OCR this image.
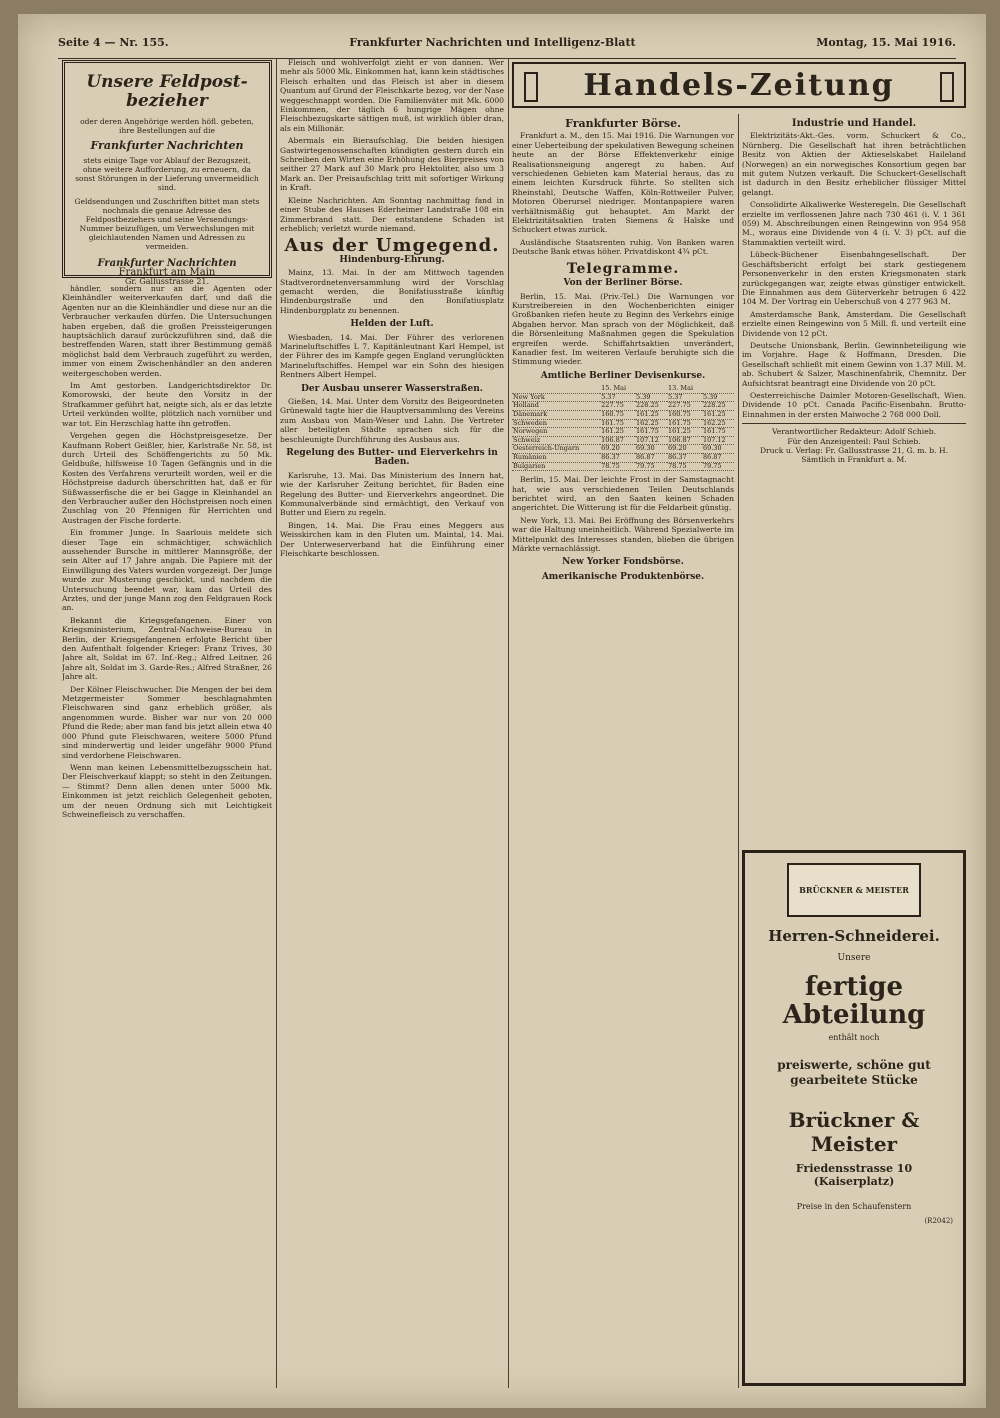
Seite 4 — Nr. 155.	Frankfurter Nachrichten und Intelligenz-Blatt	Montag, 15. Mai 1916.
Unsere Feldpost-bezieher
oder deren Angehörige werden höfl. gebeten, ihre Bestellungen auf die
Frankfurter Nachrichten
stets einige Tage vor Ablauf der Bezugszeit, ohne weitere Aufforderung, zu erneuern, da sonst Störungen in der Lieferung unvermeidlich sind.
Geldsendungen und Zuschriften bittet man stets nochmals die genaue Adresse des Feldpostbeziehers und seine Versendungs-Nummer beizufügen, um Verwechslungen mit gleichlautenden Namen und Adressen zu vermeiden.
Frankfurter Nachrichten
Frankfurt am Main
Gr. Gallusstrasse 21.

händler, sondern nur an die Agenten oder Kleinhändler weiterverkaufen darf, und daß die Agenten nur an die Kleinhändler und diese nur an die Verbraucher verkaufen dürfen. Die Untersuchungen haben ergeben, daß die großen Preissteigerungen hauptsächlich darauf zurückzuführen sind, daß die bestreffenden Waren, statt ihrer Bestimmung gemäß möglichst bald dem Verbrauch zugeführt zu werden, immer von einem Zwischenhändler an den anderen weitergeschoben werden.

Im Amt gestorben. Landgerichtsdirektor Dr. Komorowski, der heute den Vorsitz in der Strafkammer geführt hat, neigte sich, als er das letzte Urteil verkünden wollte, plötzlich nach vornüber und war tot. Ein Herzschlag hatte ihn getroffen.

Vergehen gegen die Höchstpreisgesetze. Der Kaufmann Robert Geißler, hier, Karlstraße Nr. 58, ist durch Urteil des Schöffengerichts zu 50 Mk. Geldbuße, hilfsweise 10 Tagen Gefängnis und in die Kosten des Verfahrens verurteilt worden, weil er die Höchstpreise dadurch überschritten hat, daß er für Süßwasserfische die er bei Gagge in Kleinhandel an den Verbraucher außer den Höchstpreisen noch einen Zuschlag von 20 Pfennigen für Herrichten und Austragen der Fische forderte.

Ein frommer Junge. In Saarlouis meldete sich dieser Tage ein schmächtiger, schwächlich aussehender Bursche in mittlerer Mannsgröße, der sein Alter auf 17 Jahre angab. Die Papiere mit der Einwilligung des Vaters wurden vorgezeigt. Der Junge wurde zur Musterung geschickt, und nachdem die Untersuchung beendet war, kam das Urteil des Arztes, und der junge Mann zog den Feldgrauen Rock an.

Bekannt die Kriegsgefangenen. Einer von Kriegsministerium, Zentral-Nachweise-Bureau in Berlin, der Kriegsgefangenen erfolgte Bericht über den Aufenthalt folgender Krieger: Franz Trives, 30 Jahre alt, Soldat im 67. Inf.-Reg.; Alfred Leitner, 26 Jahre alt, Soldat im 3. Garde-Res.; Alfred Straßner, 26 Jahre alt.

Der Kölner Fleischwucher. Die Mengen der bei dem Metzgermeister Sommer beschlagnahmten Fleischwaren sind ganz erheblich größer, als angenommen wurde. Bisher war nur von 20 000 Pfund die Rede; aber man fand bis jetzt allein etwa 40 000 Pfund gute Fleischwaren, weitere 5000 Pfund sind minderwertig und leider ungefähr 9000 Pfund sind verdorbene Fleischwaren.

Wenn man keinen Lebensmittelbezugsschein hat. Der Fleischverkauf klappt; so steht in den Zeitungen. — Stimmt? Denn allen denen unter 5000 Mk. Einkommen ist jetzt reichlich Gelegenheit geboten, um der neuen Ordnung sich mit Leichtigkeit Schweinefleisch zu verschaffen.

Fleisch und wohlverfolgt zieht er von dannen. Wer mehr als 5000 Mk. Einkommen hat, kann kein städtisches Fleisch erhalten und das Fleisch ist aber in diesem Quantum auf Grund der Fleischkarte bezog, vor der Nase weggeschnappt worden. Die Familienväter mit Mk. 6000 Einkommen, der täglich 6 hungrige Mägen ohne Fleischbezugskarte sättigen muß, ist wirklich übler dran, als ein Millionär.

Abermals ein Bieraufschlag. Die beiden hiesigen Gastwirtegenossenschaften kündigten gestern durch ein Schreiben den Wirten eine Erhöhung des Bierpreises von seither 27 Mark auf 30 Mark pro Hektoliter, also um 3 Mark an. Der Preisaufschlag tritt mit sofortiger Wirkung in Kraft.

Kleine Nachrichten. Am Sonntag nachmittag fand in einer Stube des Hauses Ederheimer Landstraße 108 ein Zimmerbrand statt. Der entstandene Schaden ist erheblich; verletzt wurde niemand.

Aus der Umgegend.
Hindenburg-Ehrung.

Mainz, 13. Mai. In der am Mittwoch tagenden Stadtverordnetenversammlung wird der Vorschlag gemacht werden, die Bonifatiusstraße künftig Hindenburgstraße und den Bonifatiusplatz Hindenburgplatz zu benennen.

Helden der Luft.

Wiesbaden, 14. Mai. Der Führer des verlorenen Marineluftschiffes L 7, Kapitänleutnant Karl Hempel, ist der Führer des im Kampfe gegen England verunglückten Marineluftschiffes. Hempel war ein Sohn des hiesigen Rentners Albert Hempel.

Der Ausbau unserer Wasserstraßen.

Gießen, 14. Mai. Unter dem Vorsitz des Beigeordneten Grünewald tagte hier die Hauptversammlung des Vereins zum Ausbau von Main-Weser und Lahn. Die Vertreter aller beteiligten Städte sprachen sich für die beschleunigte Durchführung des Ausbaus aus.

Regelung des Butter- und Eierverkehrs in Baden.

Karlsruhe, 13. Mai. Das Ministerium des Innern hat, wie der Karlsruher Zeitung berichtet, für Baden eine Regelung des Butter- und Eierverkehrs angeordnet. Die Kommunalverbände sind ermächtigt, den Verkauf von Butter und Eiern zu regeln.

Bingen, 14. Mai. Die Frau eines Meggers aus Weisskirchen kam in den Fluten um. Maintal, 14. Mai. Der Unterweserverband hat die Einführung einer Fleischkarte beschlossen.

Handels-Zeitung
Frankfurter Börse.

Frankfurt a. M., den 15. Mai 1916. Die Warnungen vor einer Ueberteibung der spekulativen Bewegung scheinen heute an der Börse Effektenverkehr einige Realisationsneigung angeregt zu haben. Auf verschiedenen Gebieten kam Material heraus, das zu einem leichten Kursdruck führte. So stellten sich Rheinstahl, Deutsche Waffen, Köln-Rottweiler Pulver, Motoren Oberursel niedriger. Montanpapiere waren verhältnismäßig gut behauptet. Am Markt der Elektrizitätsaktien traten Siemens & Halske und Schuckert etwas zurück.

Ausländische Staatsrenten ruhig. Von Banken waren Deutsche Bank etwas höher. Privatdiskont 4¾ pCt.

Telegramme.
Von der Berliner Börse.

Berlin, 15. Mai. (Priv.-Tel.) Die Warnungen vor Kurstreibereien in den Wochenberichten einiger Großbanken riefen heute zu Beginn des Verkehrs einige Abgaben hervor. Man sprach von der Möglichkeit, daß die Börsenleitung Maßnahmen gegen die Spekulation ergreifen werde. Schiffahrtsaktien unverändert, Kanadier fest. Im weiteren Verlaufe beruhigte sich die Stimmung wieder.

Amtliche Berliner Devisenkurse.
	15. Mai		13. Mai	
New York	5.37	5.39	5.37	5.39
Holland	227.75	228.25	227.75	228.25
Dänemark	160.75	161.25	160.75	161.25
Schweden	161.75	162.25	161.75	162.25
Norwegen	161.25	161.75	161.25	161.75
Schweiz	106.87	107.12	106.87	107.12
Oesterreich-Ungarn	69.20	69.30	69.20	69.30
Rumänien	86.37	86.87	86.37	86.87
Bulgarien	78.75	79.75	78.75	79.75

Berlin, 15. Mai. Der leichte Frost in der Samstagnacht hat, wie aus verschiedenen Teilen Deutschlands berichtet wird, an den Saaten keinen Schaden angerichtet. Die Witterung ist für die Feldarbeit günstig.

New York, 13. Mai. Bei Eröffnung des Börsenverkehrs war die Haltung uneinheitlich. Während Spezialwerte im Mittelpunkt des Interesses standen, blieben die übrigen Märkte vernachlässigt.

New Yorker Fondsbörse.
Amerikanische Produktenbörse.
Industrie und Handel.

Elektrizitäts-Akt.-Ges. vorm. Schuckert & Co., Nürnberg. Die Gesellschaft hat ihren beträchtlichen Besitz von Aktien der Aktieselskabet Haileland (Norwegen) an ein norwegisches Konsortium gegen bar mit gutem Nutzen verkauft. Die Schuckert-Gesellschaft ist dadurch in den Besitz erheblicher flüssiger Mittel gelangt.

Consolidirte Alkaliwerke Westeregeln. Die Gesellschaft erzielte im verflossenen Jahre nach 730 461 (i. V. 1 361 059) M. Abschreibungen einen Reingewinn von 954 958 M., woraus eine Dividende von 4 (i. V. 3) pCt. auf die Stammaktien verteilt wird.

Lübeck-Büchener Eisenbahngesellschaft. Der Geschäftsbericht erfolgt bei stark gestiegenem Personenverkehr in den ersten Kriegsmonaten stark zurückgegangen war, zeigte etwas günstiger entwickelt. Die Einnahmen aus dem Güterverkehr betrugen 6 422 104 M. Der Vortrag ein Ueberschuß von 4 277 963 M.

Amsterdamsche Bank, Amsterdam. Die Gesellschaft erzielte einen Reingewinn von 5 Mill. fl. und verteilt eine Dividende von 12 pCt.

Deutsche Unionsbank, Berlin. Gewinnbeteiligung wie im Vorjahre. Hage & Hoffmann, Dresden. Die Gesellschaft schließt mit einem Gewinn von 1.37 Mill. M. ab. Schubert & Salzer, Maschinenfabrik, Chemnitz. Der Aufsichtsrat beantragt eine Dividende von 20 pCt.

Oesterreichische Daimler Motoren-Gesellschaft, Wien. Dividende 10 pCt. Canada Pacific-Eisenbahn. Brutto-Einnahmen in der ersten Maiwoche 2 768 000 Doll.

Verantwortlicher Redakteur: Adolf Schieb.
Für den Anzeigenteil: Paul Schieb.
Druck u. Verlag: Fr. Gallusstrasse 21, G. m. b. H. Sämtlich in Frankfurt a. M.
BRÜCKNER & MEISTER
Herren-Schneiderei.
Unsere
fertige Abteilung
enthält noch
preiswerte, schöne gut gearbeitete Stücke
Brückner & Meister
Friedensstrasse 10 (Kaiserplatz)
Preise in den Schaufenstern
(R2042)
